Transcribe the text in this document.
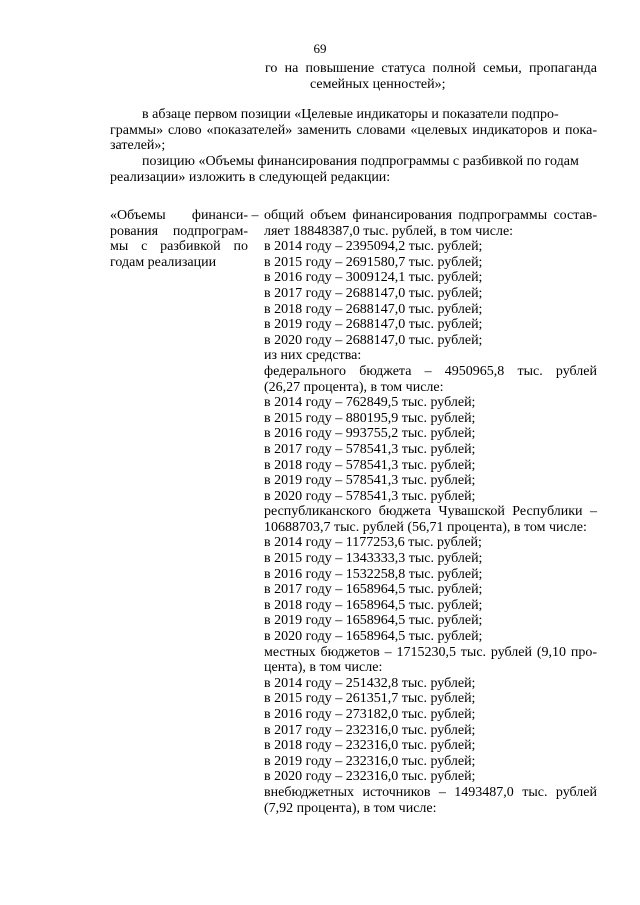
69
го на повышение статуса полной семьи, пропаганда
семейных ценностей»;
в абзаце первом позиции «Целевые индикаторы и показатели подпро-
граммы» слово «показателей» заменить словами «целевых индикаторов и пока-
зателей»;
позицию «Объемы финансирования подпрограммы с разбивкой по годам
реализации» изложить в следующей редакции:
«Объемы финанси-
рования подпрограм-
мы с разбивкой по
годам реализации
– общий объем финансирования подпрограммы состав-
ляет 18848387,0 тыс. рублей, в том числе:
в 2014 году – 2395094,2 тыс. рублей;
в 2015 году – 2691580,7 тыс. рублей;
в 2016 году – 3009124,1 тыс. рублей;
в 2017 году – 2688147,0 тыс. рублей;
в 2018 году – 2688147,0 тыс. рублей;
в 2019 году – 2688147,0 тыс. рублей;
в 2020 году – 2688147,0 тыс. рублей;
из них средства:
федерального бюджета – 4950965,8 тыс. рублей
(26,27 процента), в том числе:
в 2014 году – 762849,5 тыс. рублей;
в 2015 году – 880195,9 тыс. рублей;
в 2016 году – 993755,2 тыс. рублей;
в 2017 году – 578541,3 тыс. рублей;
в 2018 году – 578541,3 тыс. рублей;
в 2019 году – 578541,3 тыс. рублей;
в 2020 году – 578541,3 тыс. рублей;
республиканского бюджета Чувашской Республики –
10688703,7 тыс. рублей (56,71 процента), в том числе:
в 2014 году – 1177253,6 тыс. рублей;
в 2015 году – 1343333,3 тыс. рублей;
в 2016 году – 1532258,8 тыс. рублей;
в 2017 году – 1658964,5 тыс. рублей;
в 2018 году – 1658964,5 тыс. рублей;
в 2019 году – 1658964,5 тыс. рублей;
в 2020 году – 1658964,5 тыс. рублей;
местных бюджетов – 1715230,5 тыс. рублей (9,10 про-
цента), в том числе:
в 2014 году – 251432,8 тыс. рублей;
в 2015 году – 261351,7 тыс. рублей;
в 2016 году – 273182,0 тыс. рублей;
в 2017 году – 232316,0 тыс. рублей;
в 2018 году – 232316,0 тыс. рублей;
в 2019 году – 232316,0 тыс. рублей;
в 2020 году – 232316,0 тыс. рублей;
внебюджетных источников – 1493487,0 тыс. рублей
(7,92 процента), в том числе:
